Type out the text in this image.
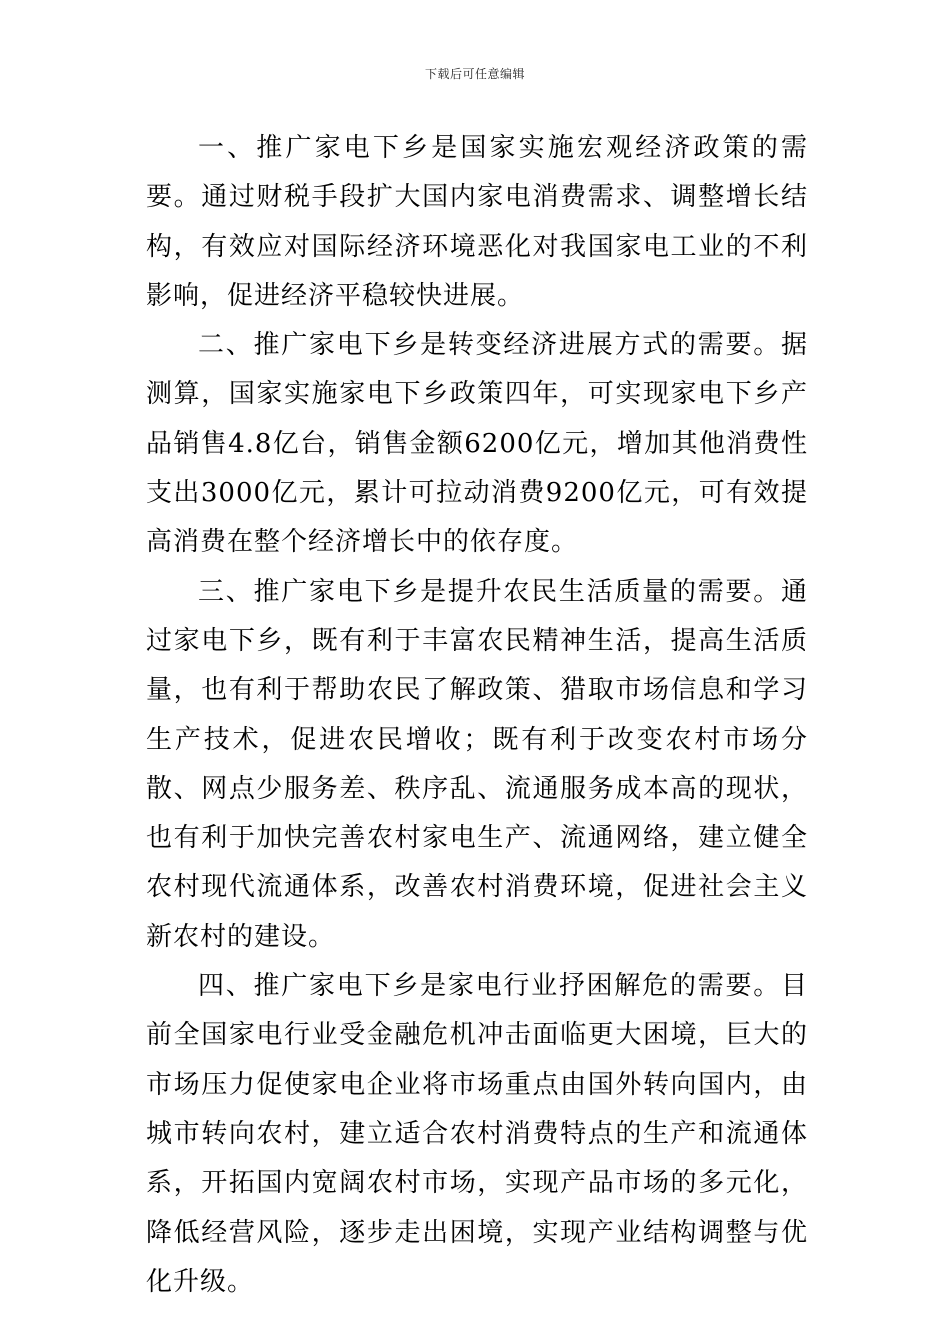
下载后可任意编辑

一、推广家电下乡是国家实施宏观经济政策的需要。通过财税手段扩大国内家电消费需求、调整增长结构，有效应对国际经济环境恶化对我国家电工业的不利影响，促进经济平稳较快进展。

二、推广家电下乡是转变经济进展方式的需要。据测算，国家实施家电下乡政策四年，可实现家电下乡产品销售4.8亿台，销售金额6200亿元，增加其他消费性支出3000亿元，累计可拉动消费9200亿元，可有效提高消费在整个经济增长中的依存度。

三、推广家电下乡是提升农民生活质量的需要。通过家电下乡，既有利于丰富农民精神生活，提高生活质量，也有利于帮助农民了解政策、猎取市场信息和学习生产技术，促进农民增收；既有利于改变农村市场分散、网点少服务差、秩序乱、流通服务成本高的现状，也有利于加快完善农村家电生产、流通网络，建立健全农村现代流通体系，改善农村消费环境，促进社会主义新农村的建设。

四、推广家电下乡是家电行业抒困解危的需要。目前全国家电行业受金融危机冲击面临更大困境，巨大的市场压力促使家电企业将市场重点由国外转向国内，由城市转向农村，建立适合农村消费特点的生产和流通体系，开拓国内宽阔农村市场，实现产品市场的多元化，降低经营风险，逐步走出困境，实现产业结构调整与优化升级。
